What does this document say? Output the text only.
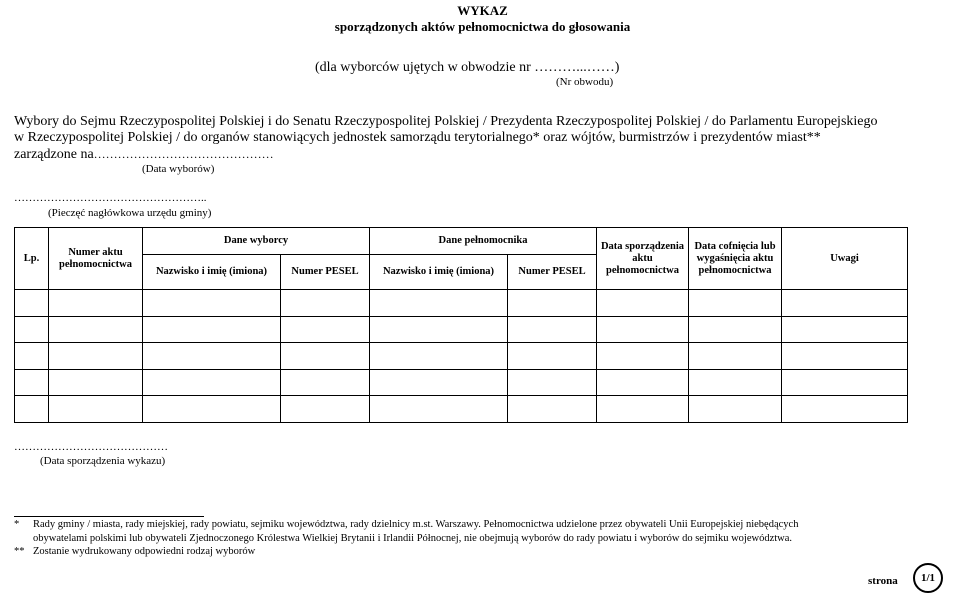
WYKAZ
sporządzonych aktów pełnomocnictwa do głosowania
(dla wyborców ujętych w obwodzie nr ………...……)
(Nr obwodu)
Wybory do Sejmu Rzeczypospolitej Polskiej i do Senatu Rzeczypospolitej Polskiej / Prezydenta Rzeczypospolitej Polskiej / do Parlamentu Europejskiego
w Rzeczypospolitej Polskiej / do organów stanowiących jednostek samorządu terytorialnego* oraz wójtów, burmistrzów i prezydentów miast**
zarządzone na………………………………………
(Data wyborów)
……………………………………………..
(Pieczęć nagłówkowa urzędu gminy)
Lp.	Numer aktu pełnomocnictwa	Dane wyborcy		Dane pełnomocnika		Data sporządzenia aktu pełnomocnictwa	Data cofnięcia lub wygaśnięcia aktu pełnomocnictwa	Uwagi
		Nazwisko i imię (imiona)	Numer PESEL	Nazwisko i imię (imiona)	Numer PESEL			

……………………………………
(Data sporządzenia wykazu)
* Rady gminy / miasta, rady miejskiej, rady powiatu, sejmiku województwa, rady dzielnicy m.st. Warszawy. Pełnomocnictwa udzielone przez obywateli Unii Europejskiej niebędących
obywatelami polskimi lub obywateli Zjednoczonego Królestwa Wielkiej Brytanii i Irlandii Północnej, nie obejmują wyborów do rady powiatu i wyborów do sejmiku województwa.
** Zostanie wydrukowany odpowiedni rodzaj wyborów
strona	1/1
